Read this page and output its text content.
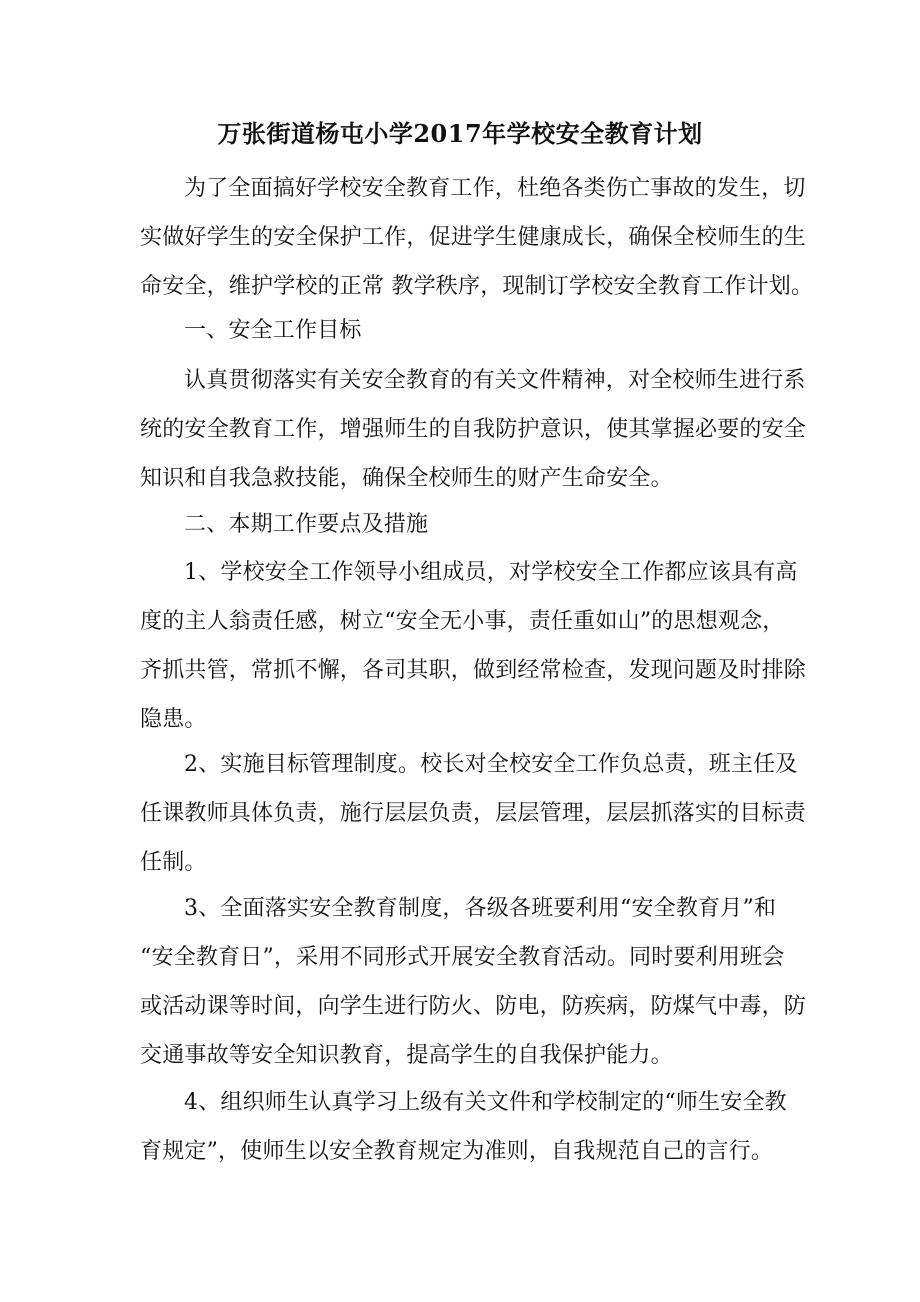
万张街道杨屯小学2017年学校安全教育计划
为了全面搞好学校安全教育工作，杜绝各类伤亡事故的发生，切
实做好学生的安全保护工作，促进学生健康成长，确保全校师生的生
命安全，维护学校的正常 教学秩序，现制订学校安全教育工作计划。
一、安全工作目标
认真贯彻落实有关安全教育的有关文件精神，对全校师生进行系
统的安全教育工作，增强师生的自我防护意识，使其掌握必要的安全
知识和自我急救技能，确保全校师生的财产生命安全。
二、本期工作要点及措施
1、学校安全工作领导小组成员，对学校安全工作都应该具有高
度的主人翁责任感，树立“安全无小事，责任重如山”的思想观念，
齐抓共管，常抓不懈，各司其职，做到经常检查，发现问题及时排除
隐患。
2、实施目标管理制度。校长对全校安全工作负总责，班主任及
任课教师具体负责，施行层层负责，层层管理，层层抓落实的目标责
任制。
3、全面落实安全教育制度，各级各班要利用“安全教育月”和
“安全教育日”，采用不同形式开展安全教育活动。同时要利用班会
或活动课等时间，向学生进行防火、防电，防疾病，防煤气中毒，防
交通事故等安全知识教育，提高学生的自我保护能力。
4、组织师生认真学习上级有关文件和学校制定的“师生安全教
育规定”，使师生以安全教育规定为准则，自我规范自己的言行。
